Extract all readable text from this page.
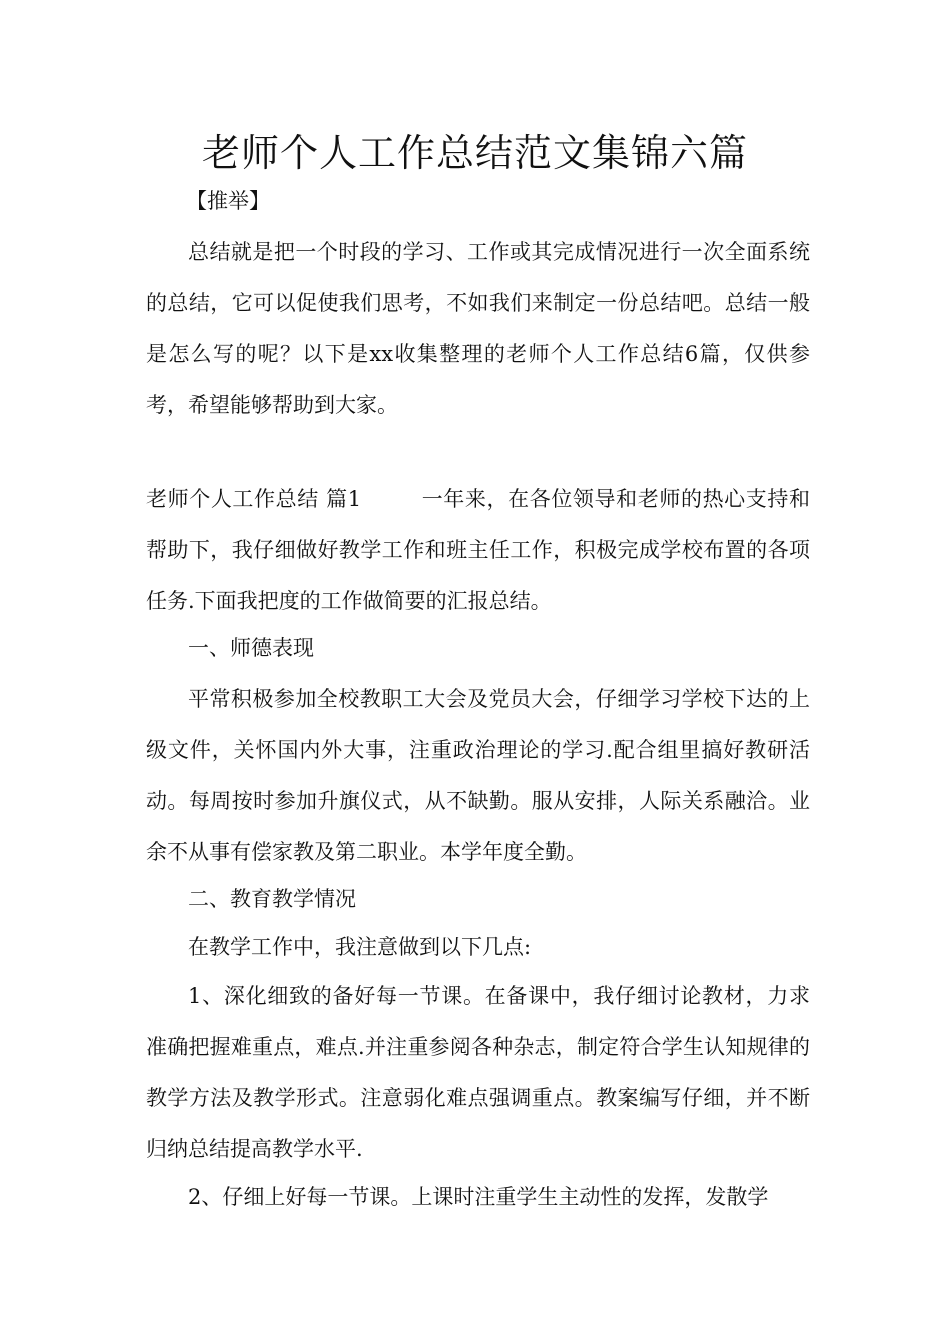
老师个人工作总结范文集锦六篇

【推举】

总结就是把一个时段的学习、工作或其完成情况进行一次全面系统的总结，它可以促使我们思考，不如我们来制定一份总结吧。总结一般是怎么写的呢？以下是xx收集整理的老师个人工作总结6篇，仅供参考，希望能够帮助到大家。

老师个人工作总结 篇1	一年来，在各位领导和老师的热心支持和帮助下，我仔细做好教学工作和班主任工作，积极完成学校布置的各项任务.下面我把度的工作做简要的汇报总结。

一、师德表现

平常积极参加全校教职工大会及党员大会，仔细学习学校下达的上级文件，关怀国内外大事，注重政治理论的学习.配合组里搞好教研活动。每周按时参加升旗仪式，从不缺勤。服从安排，人际关系融洽。业余不从事有偿家教及第二职业。本学年度全勤。

二、教育教学情况

在教学工作中，我注意做到以下几点:

1、深化细致的备好每一节课。在备课中，我仔细讨论教材，力求准确把握难重点，难点.并注重参阅各种杂志，制定符合学生认知规律的教学方法及教学形式。注意弱化难点强调重点。教案编写仔细，并不断归纳总结提高教学水平.

2、仔细上好每一节课。上课时注重学生主动性的发挥，发散学
